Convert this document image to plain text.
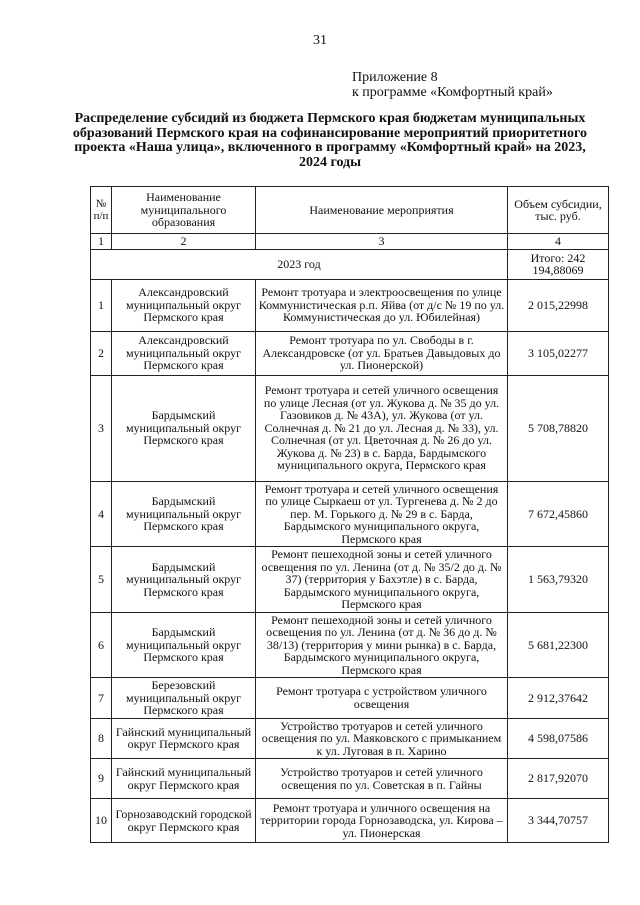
31
Приложение 8
к программе «Комфортный край»
Распределение субсидий из бюджета Пермского края бюджетам муниципальных образований Пермского края на софинансирование мероприятий приоритетного проекта «Наша улица», включенного в программу «Комфортный край» на 2023, 2024 годы
№ п/п	Наименование муниципального образования	Наименование мероприятия	Объем субсидии, тыс. руб.
1	2	3	4
2023 год			Итого: 242 194,88069
1	Александровский муниципальный округ Пермского края	Ремонт тротуара и электроосвещения по улице Коммунистическая р.п. Яйва (от д/с № 19 по ул. Коммунистическая до ул. Юбилейная)	2 015,22998
2	Александровский муниципальный округ Пермского края	Ремонт тротуара по ул. Свободы в г. Александровске (от ул. Братьев Давыдовых до ул. Пионерской)	3 105,02277
3	Бардымский муниципальный округ Пермского края	Ремонт тротуара и сетей уличного освещения по улице Лесная (от ул. Жукова д. № 35 до ул. Газовиков д. № 43А), ул. Жукова (от ул. Солнечная д. № 21 до ул. Лесная д. № 33), ул. Солнечная (от ул. Цветочная д. № 26 до ул. Жукова д. № 23) в с. Барда, Бардымского муниципального округа, Пермского края	5 708,78820
4	Бардымский муниципальный округ Пермского края	Ремонт тротуара и сетей уличного освещения по улице Сыркаеш от ул. Тургенева д. № 2 до пер. М. Горького д. № 29 в с. Барда, Бардымского муниципального округа, Пермского края	7 672,45860
5	Бардымский муниципальный округ Пермского края	Ремонт пешеходной зоны и сетей уличного освещения по ул. Ленина (от д. № 35/2 до д. № 37) (территория у Бахэтле) в с. Барда, Бардымского муниципального округа, Пермского края	1 563,79320
6	Бардымский муниципальный округ Пермского края	Ремонт пешеходной зоны и сетей уличного освещения по ул. Ленина (от д. № 36 до д. № 38/13) (территория у мини рынка) в с. Барда, Бардымского муниципального округа, Пермского края	5 681,22300
7	Березовский муниципальный округ Пермского края	Ремонт тротуара с устройством уличного освещения	2 912,37642
8	Гайнский муниципальный округ Пермского края	Устройство тротуаров и сетей уличного освещения по ул. Маяковского с примыканием к ул. Луговая в п. Харино	4 598,07586
9	Гайнский муниципальный округ Пермского края	Устройство тротуаров и сетей уличного освещения по ул. Советская в п. Гайны	2 817,92070
10	Горнозаводский городской округ Пермского края	Ремонт тротуара и уличного освещения на территории города Горнозаводска, ул. Кирова – ул. Пионерская	3 344,70757
